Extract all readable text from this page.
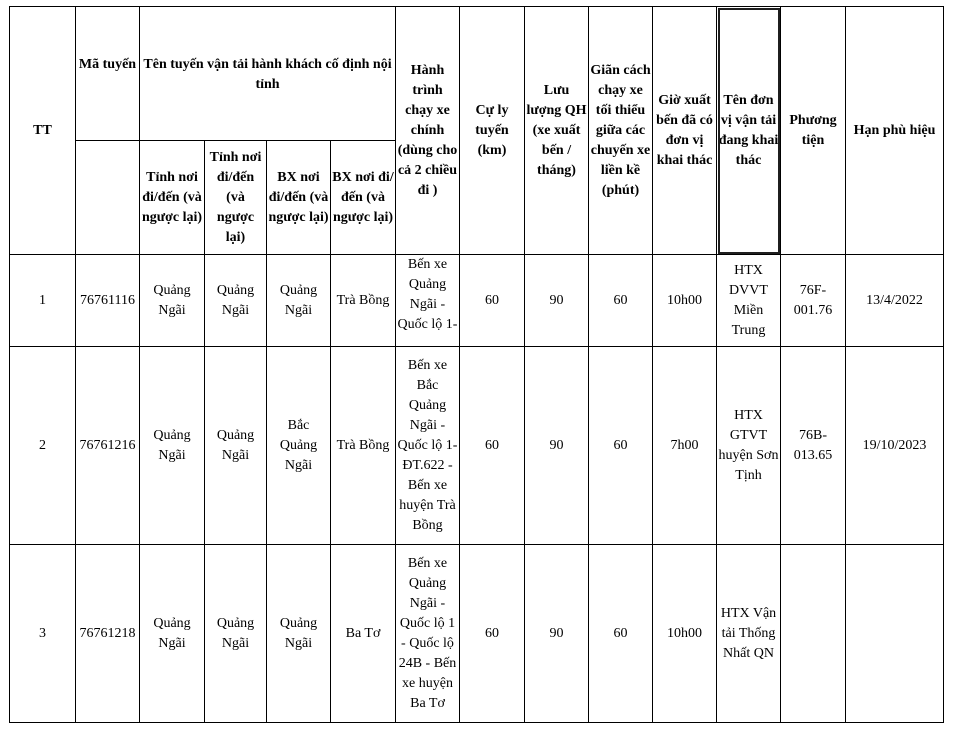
TT	Mã tuyến	Tên tuyến vận tải hành khách cố định nội tỉnh				Hành trình chạy xe chính (dùng cho cả 2 chiều đi )	Cự ly tuyến (km)	Lưu lượng QH (xe xuất bến / tháng)	Giãn cách chạy xe tối thiểu giữa các chuyến xe liền kề (phút)	Giờ xuất bến đã có đơn vị khai thác	Tên đơn vị vận tải đang khai thác	Phương tiện	Hạn phù hiệu
		Tỉnh nơi đi/đến (và ngược lại)	Tỉnh nơi đi/đến (và ngược lại)	BX nơi đi/đến (và ngược lại)	BX nơi đi/đến (và ngược lại)								
1	76761116	Quảng Ngãi	Quảng Ngãi	Quảng Ngãi	Trà Bồng	Bến xe Quảng Ngãi - Quốc lộ 1-	60	90	60	10h00	HTX DVVT Miền Trung	76F-001.76	13/4/2022
2	76761216	Quảng Ngãi	Quảng Ngãi	Bắc Quảng Ngãi	Trà Bồng	Bến xe Bắc Quảng Ngãi - Quốc lộ 1- ĐT.622 - Bến xe huyện Trà Bồng	60	90	60	7h00	HTX GTVT huyện Sơn Tịnh	76B-013.65	19/10/2023
3	76761218	Quảng Ngãi	Quảng Ngãi	Quảng Ngãi	Ba Tơ	Bến xe Quảng Ngãi - Quốc lộ 1 - Quốc lộ 24B - Bến xe huyện Ba Tơ	60	90	60	10h00	HTX Vận tải Thống Nhất QN		
